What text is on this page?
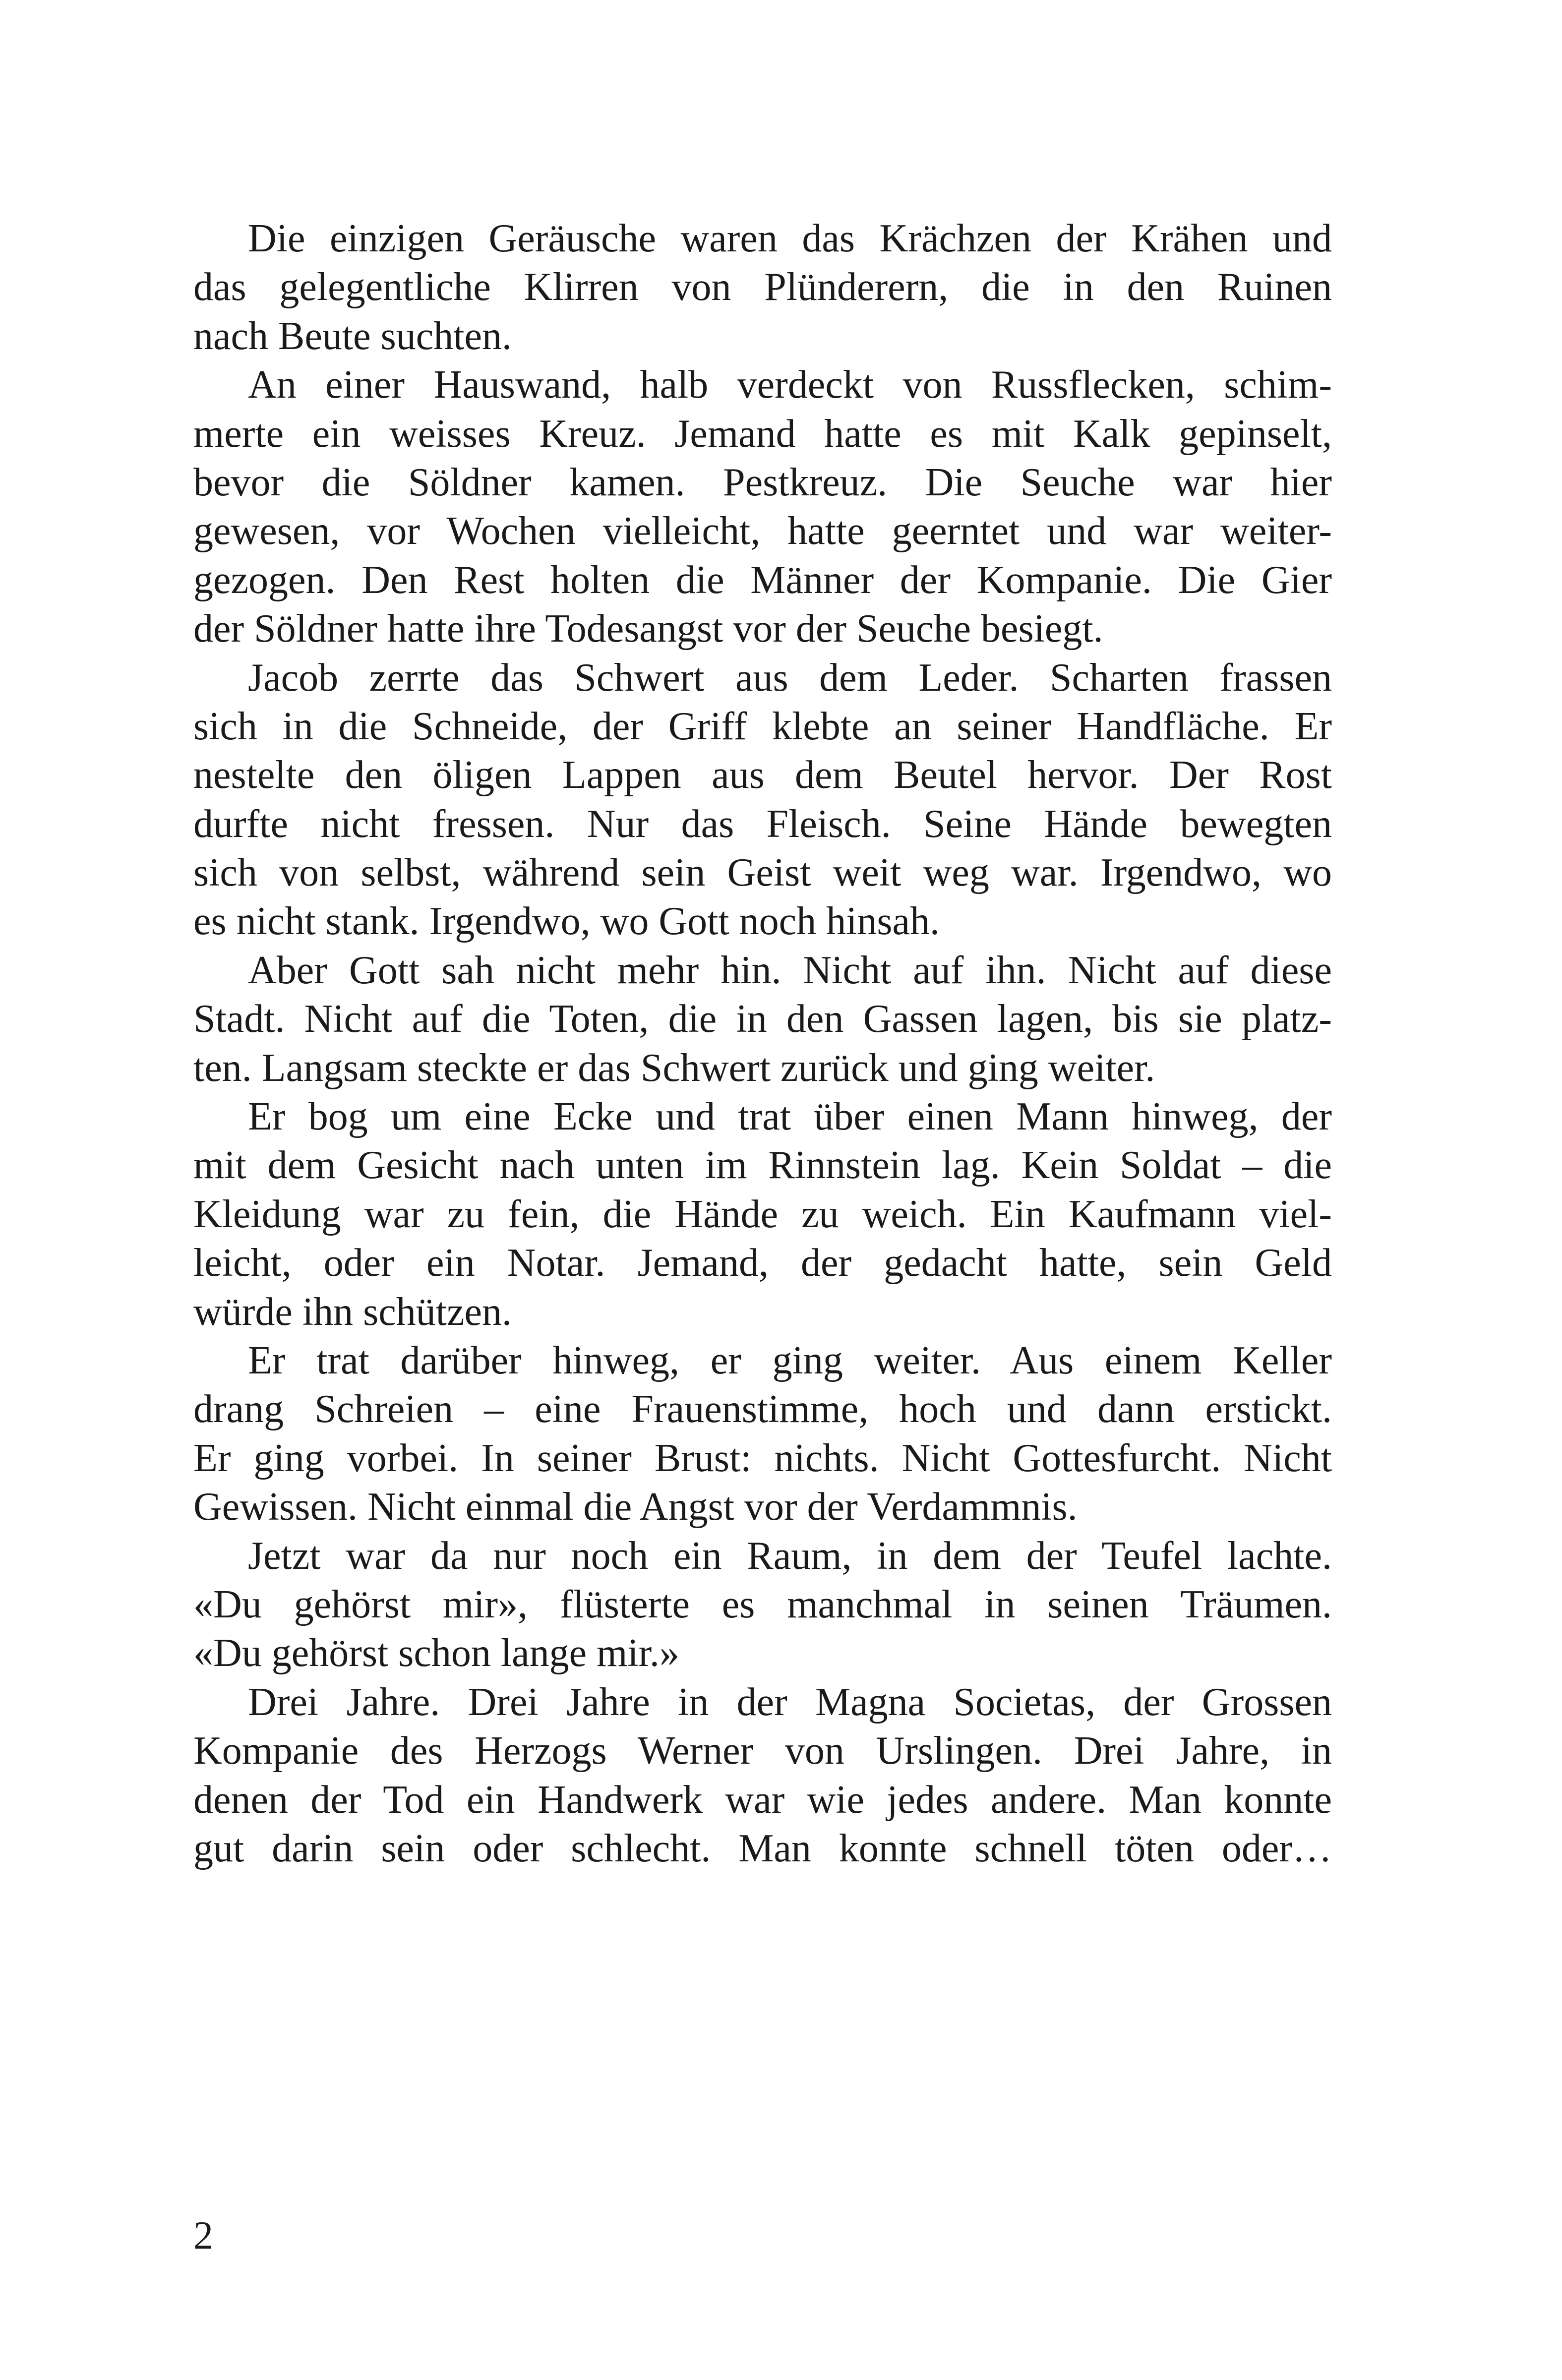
Die einzigen Geräusche waren das Krächzen der Krähen und
das gelegentliche Klirren von Plünderern, die in den Ruinen
nach Beute suchten.
An einer Hauswand, halb verdeckt von Russflecken, schim-
merte ein weisses Kreuz. Jemand hatte es mit Kalk gepinselt,
bevor die Söldner kamen. Pestkreuz. Die Seuche war hier
gewesen, vor Wochen vielleicht, hatte geerntet und war weiter-
gezogen. Den Rest holten die Männer der Kompanie. Die Gier
der Söldner hatte ihre Todesangst vor der Seuche besiegt.
Jacob zerrte das Schwert aus dem Leder. Scharten frassen
sich in die Schneide, der Griff klebte an seiner Handfläche. Er
nestelte den öligen Lappen aus dem Beutel hervor. Der Rost
durfte nicht fressen. Nur das Fleisch. Seine Hände bewegten
sich von selbst, während sein Geist weit weg war. Irgendwo, wo
es nicht stank. Irgendwo, wo Gott noch hinsah.
Aber Gott sah nicht mehr hin. Nicht auf ihn. Nicht auf diese
Stadt. Nicht auf die Toten, die in den Gassen lagen, bis sie platz-
ten. Langsam steckte er das Schwert zurück und ging weiter.
Er bog um eine Ecke und trat über einen Mann hinweg, der
mit dem Gesicht nach unten im Rinnstein lag. Kein Soldat – die
Kleidung war zu fein, die Hände zu weich. Ein Kaufmann viel-
leicht, oder ein Notar. Jemand, der gedacht hatte, sein Geld
würde ihn schützen.
Er trat darüber hinweg, er ging weiter. Aus einem Keller
drang Schreien – eine Frauenstimme, hoch und dann erstickt.
Er ging vorbei. In seiner Brust: nichts. Nicht Gottesfurcht. Nicht
Gewissen. Nicht einmal die Angst vor der Verdammnis.
Jetzt war da nur noch ein Raum, in dem der Teufel lachte.
«Du gehörst mir», flüsterte es manchmal in seinen Träumen.
«Du gehörst schon lange mir.»
Drei Jahre. Drei Jahre in der Magna Societas, der Grossen
Kompanie des Herzogs Werner von Urslingen. Drei Jahre, in
denen der Tod ein Handwerk war wie jedes andere. Man konnte
gut darin sein oder schlecht. Man konnte schnell töten oder…
2
